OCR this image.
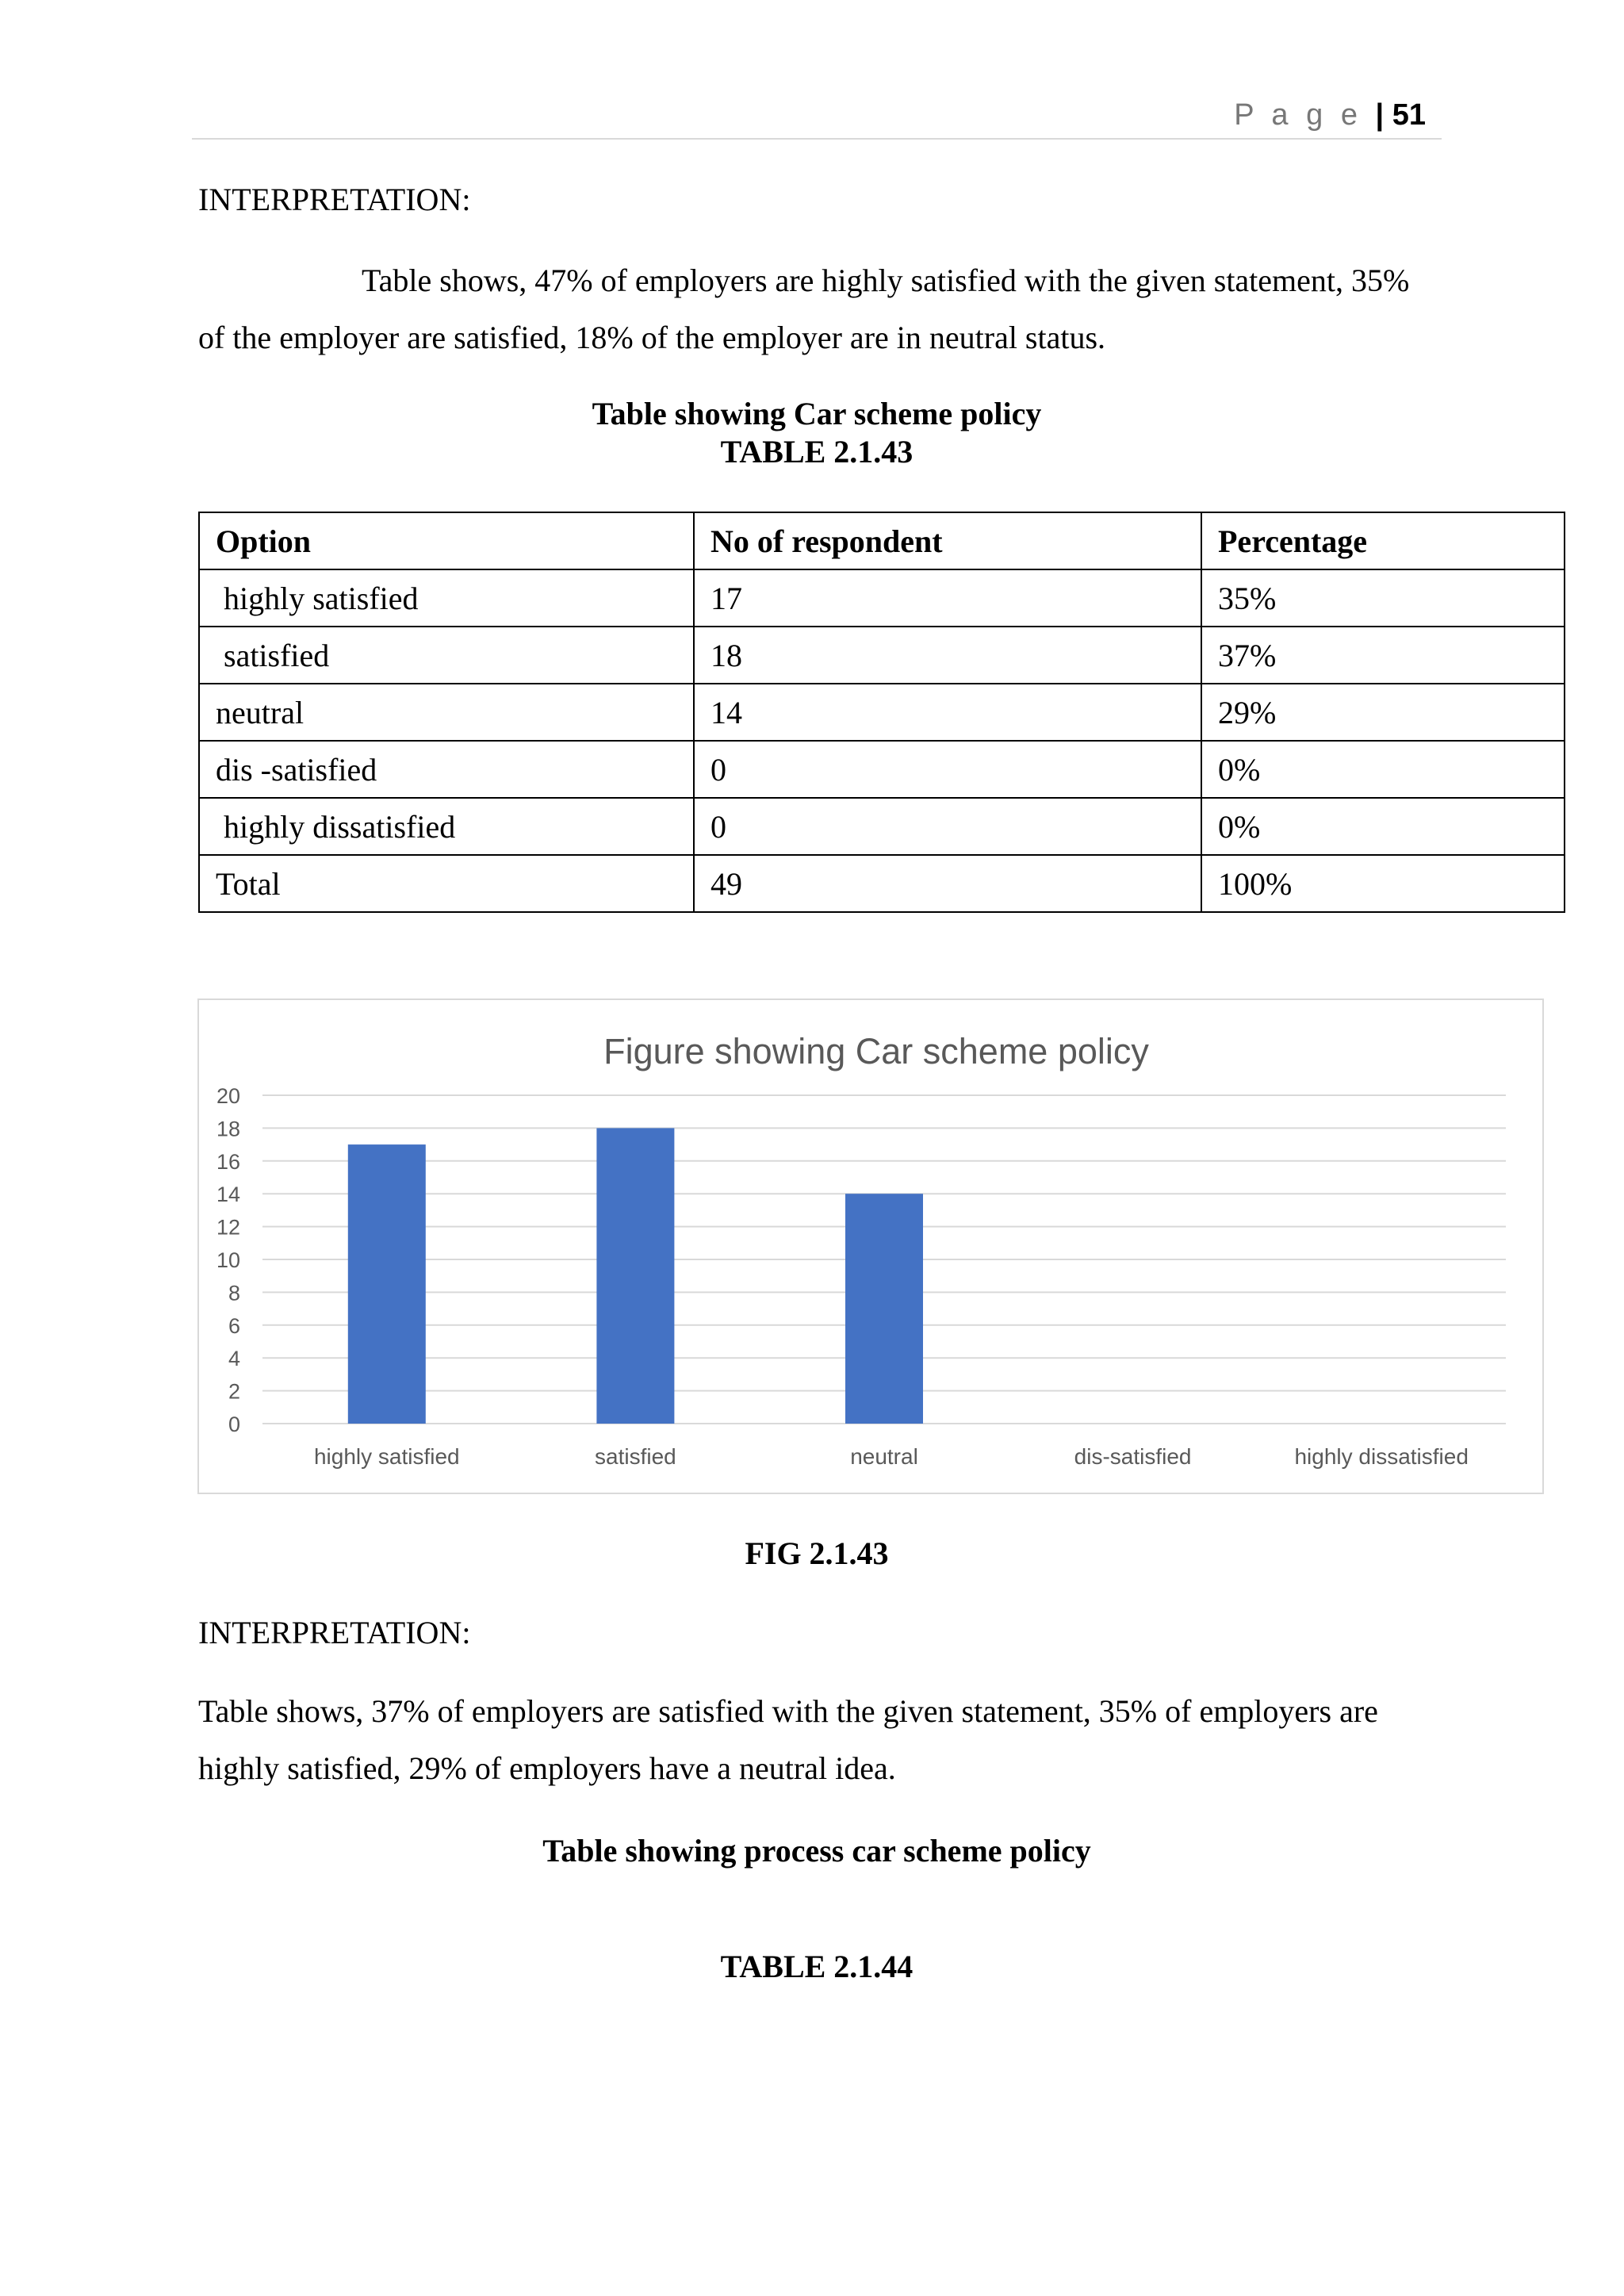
P a g e | 51
INTERPRETATION:
Table shows, 47% of employers are highly satisfied with the given statement, 35%
of the employer are satisfied, 18% of the employer are in neutral status.
Table showing Car scheme policy
TABLE 2.1.43
Option	No of respondent	Percentage
highly satisfied	17	35%
satisfied	18	37%
neutral	14	29%
dis -satisfied	0	0%
highly dissatisfied	0	0%
Total	49	100%
Figure showing Car scheme policy
0
2
4
6
8
10
12
14
16
18
20
highly satisfied	satisfied	neutral	dis-satisfied	highly dissatisfied
FIG 2.1.43
INTERPRETATION:
Table shows, 37% of employers are satisfied with the given statement, 35% of employers are
highly satisfied, 29% of employers have a neutral idea.
Table showing process car scheme policy
TABLE 2.1.44
